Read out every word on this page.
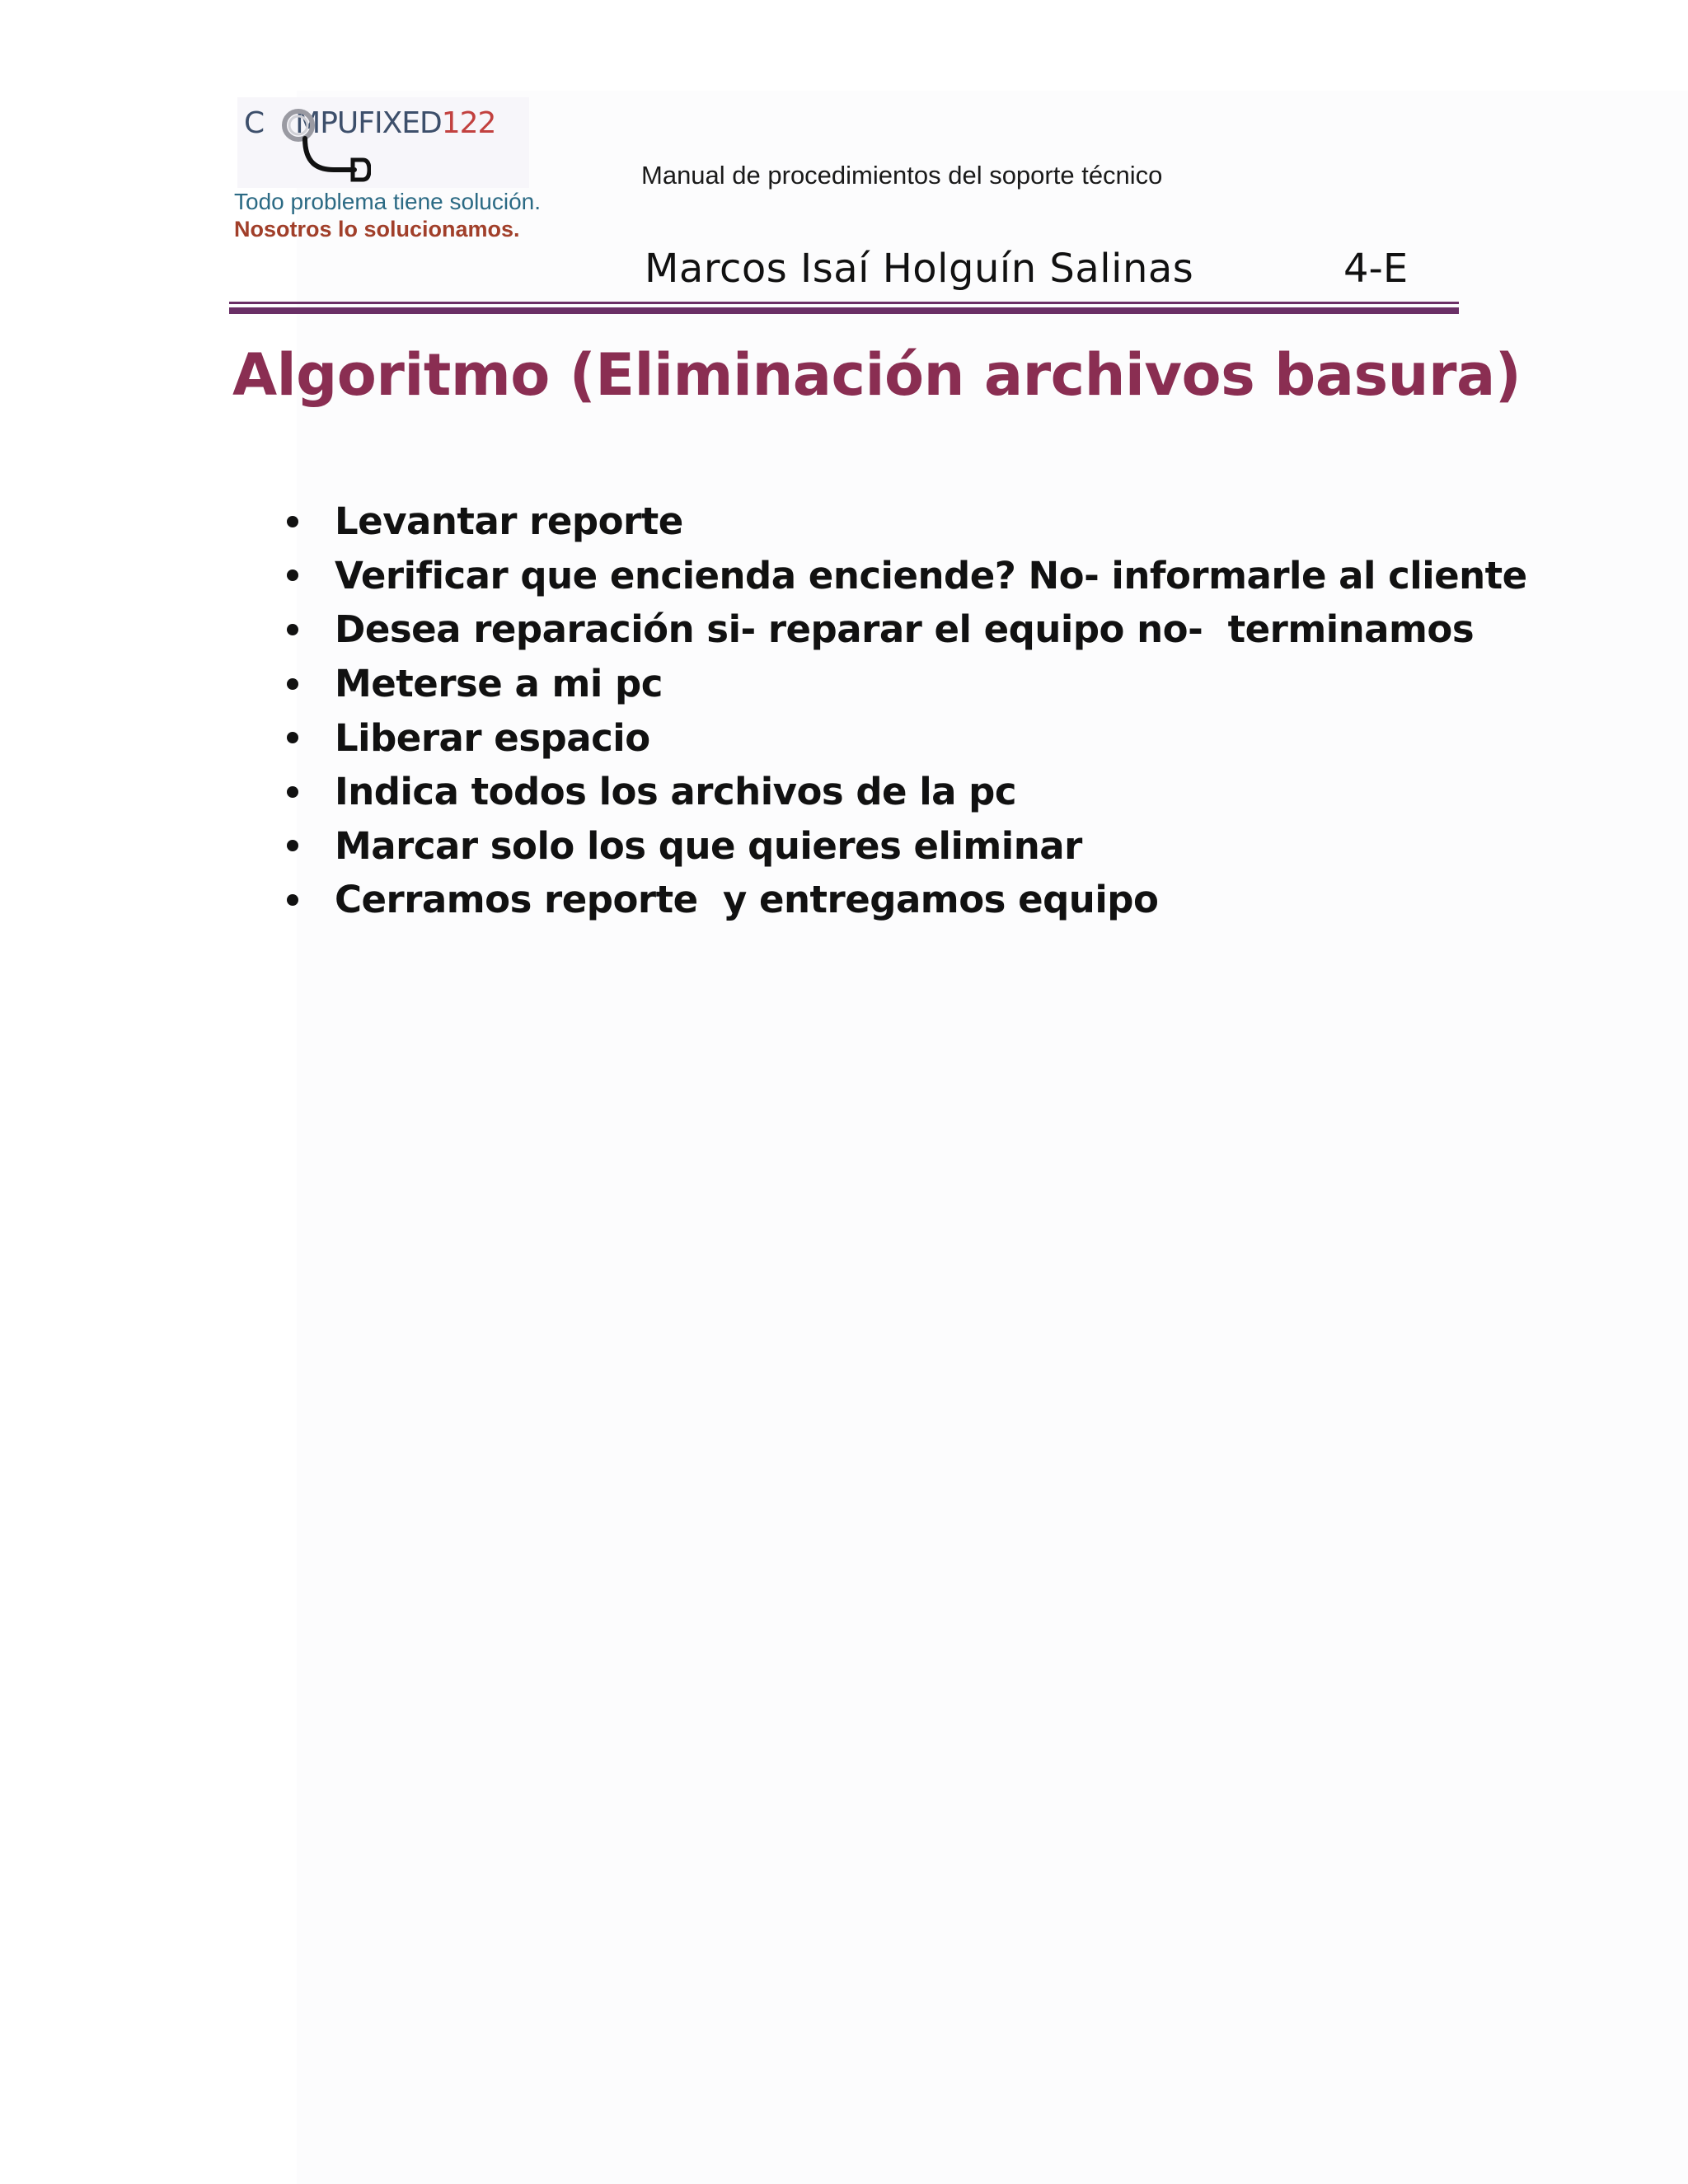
C MPUFIXED122
Todo problema tiene solución.
Nosotros lo solucionamos.
Manual de procedimientos del soporte técnico
Marcos Isaí Holguín Salinas	4-E
Algoritmo (Eliminación archivos basura)
Levantar reporte
Verificar que encienda enciende? No- informarle al cliente
Desea reparación si- reparar el equipo no-  terminamos
Meterse a mi pc
Liberar espacio
Indica todos los archivos de la pc
Marcar solo los que quieres eliminar
Cerramos reporte  y entregamos equipo
